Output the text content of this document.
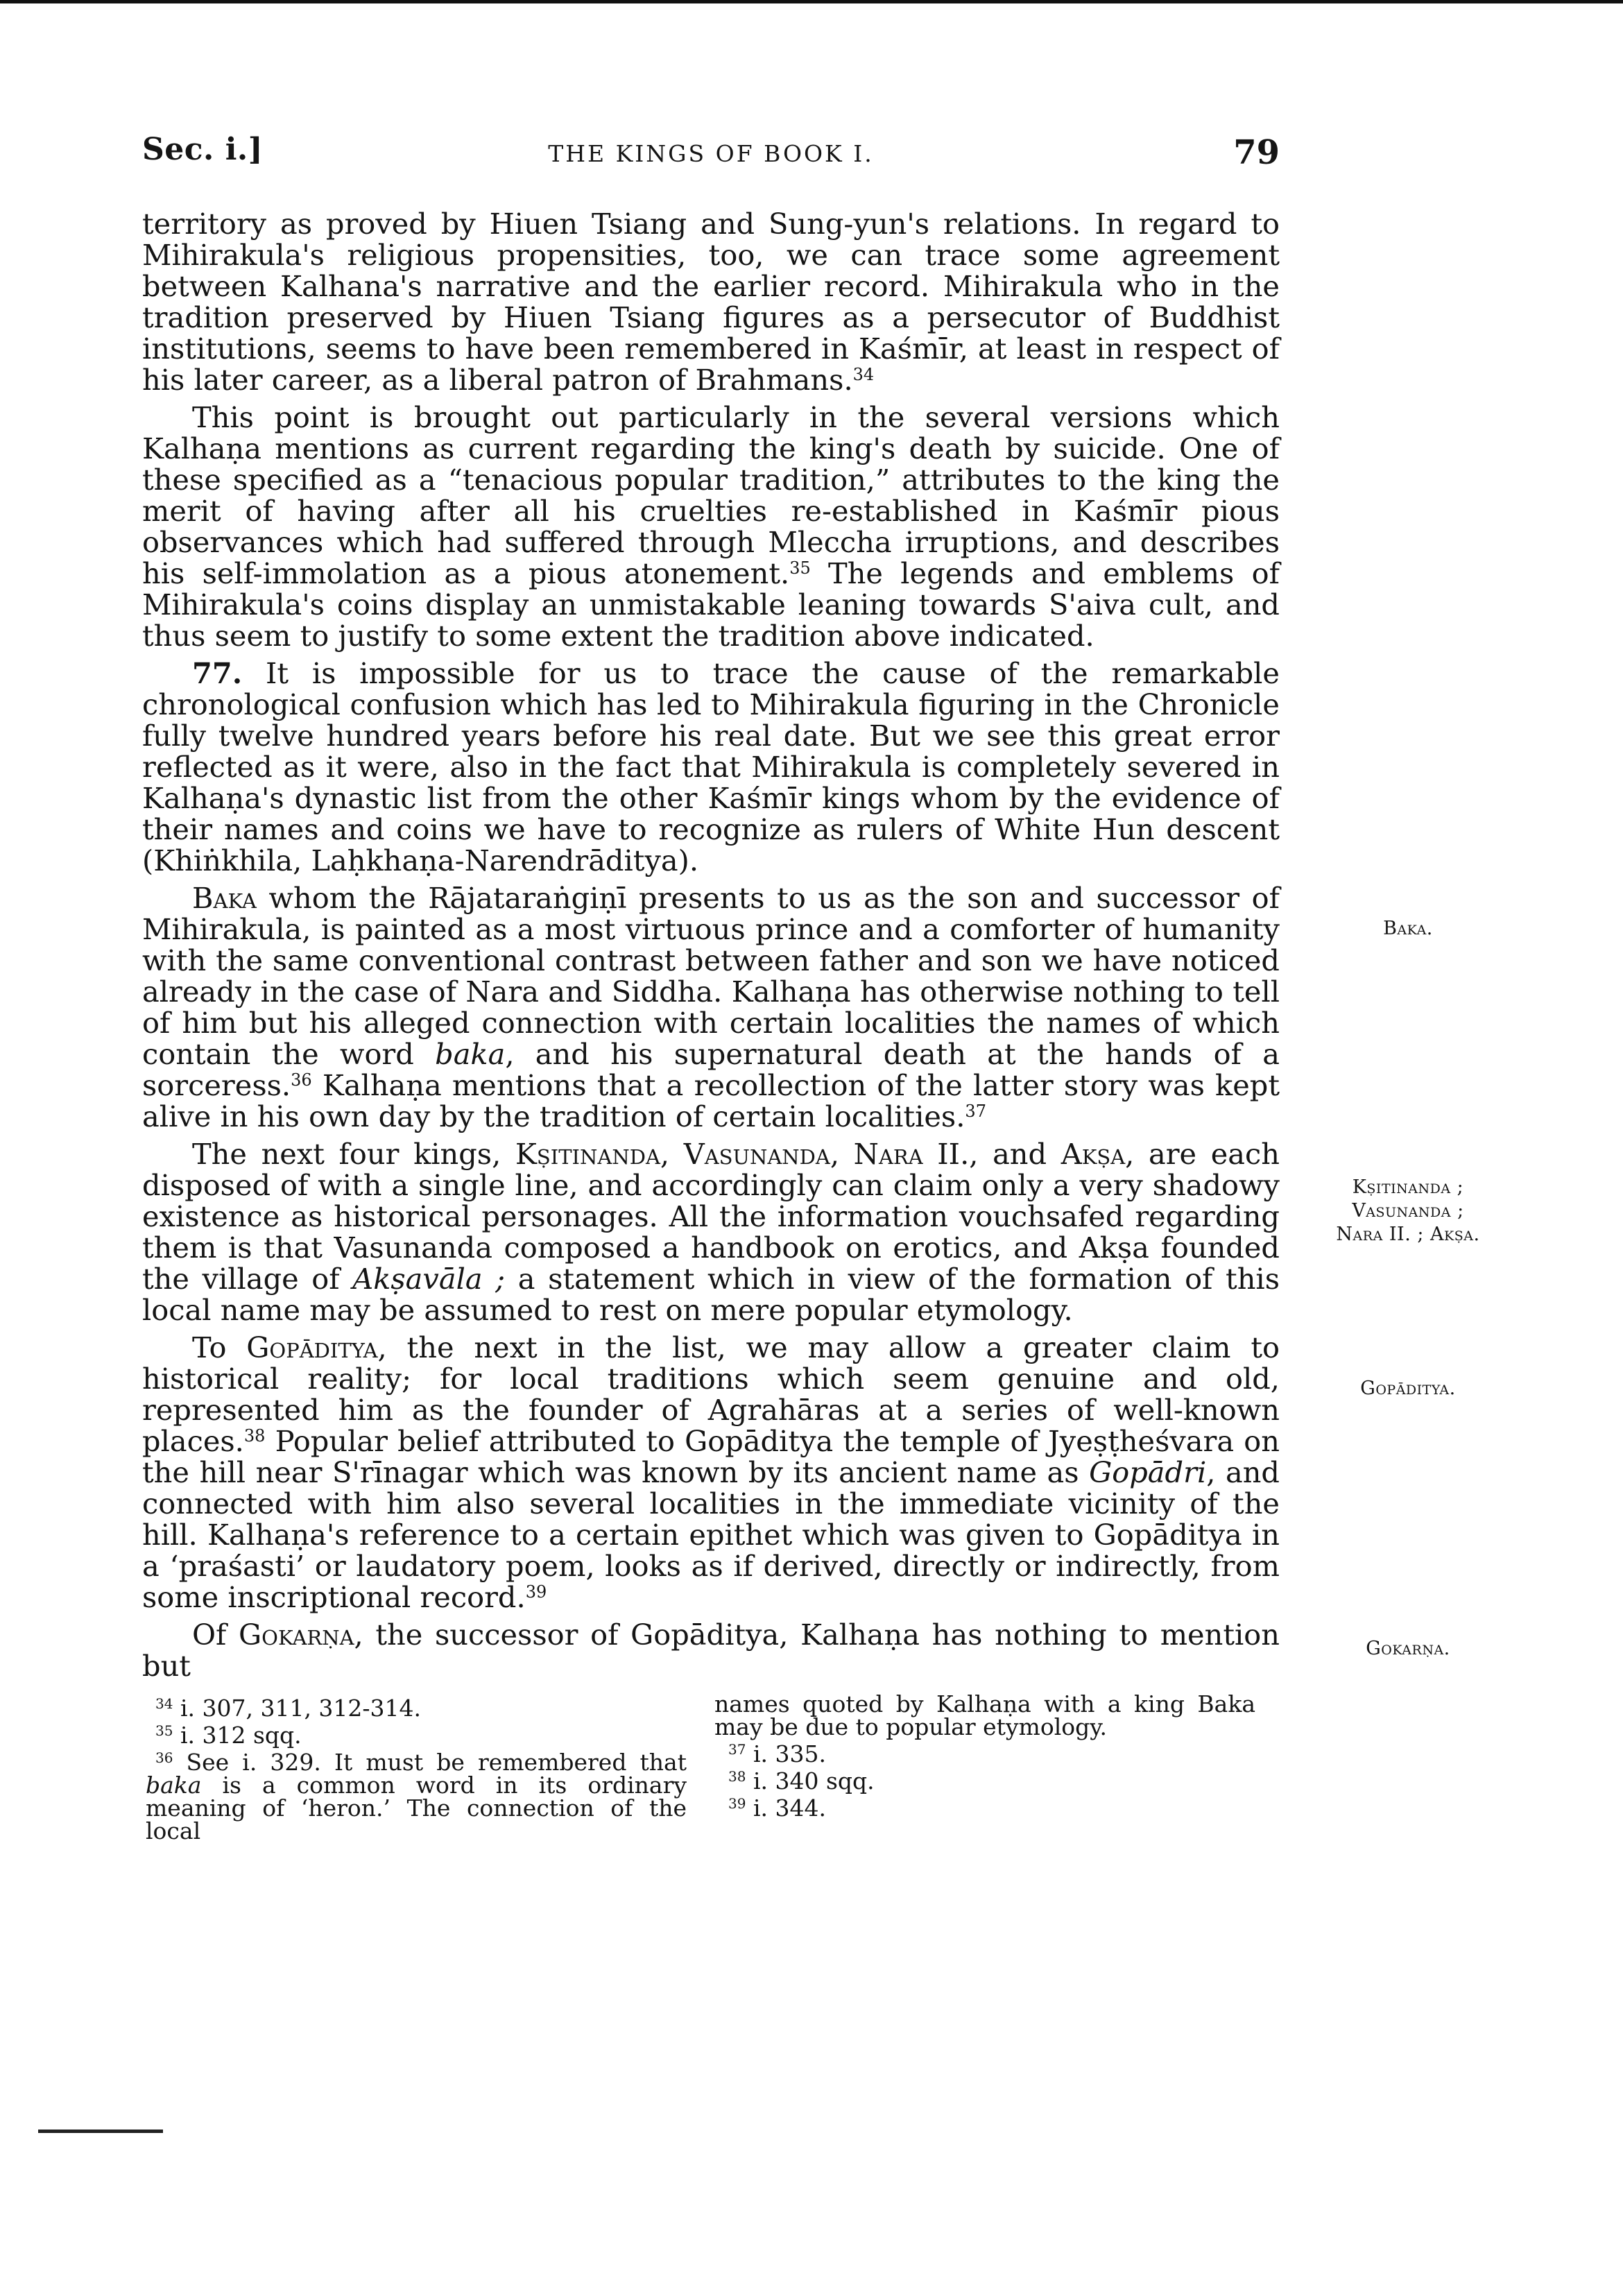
Sec. i.]	THE KINGS OF BOOK I.	79

territory as proved by Hiuen Tsiang and Sung-yun's relations. In regard to Mihirakula's religious propensities, too, we can trace some agreement between Kalhana's narrative and the earlier record. Mihirakula who in the tradition preserved by Hiuen Tsiang figures as a persecutor of Buddhist institutions, seems to have been remembered in Kaśmīr, at least in respect of his later career, as a liberal patron of Brahmans.$^{34}$

This point is brought out particularly in the several versions which Kalhaṇa mentions as current regarding the king's death by suicide. One of these specified as a “tenacious popular tradition,” attributes to the king the merit of having after all his cruelties re-established in Kaśmīr pious observances which had suffered through Mleccha irruptions, and describes his self-immolation as a pious atonement.$^{35}$ The legends and emblems of Mihirakula's coins display an unmistakable leaning towards S'aiva cult, and thus seem to justify to some extent the tradition above indicated.

77. It is impossible for us to trace the cause of the remarkable chronological confusion which has led to Mihirakula figuring in the Chronicle fully twelve hundred years before his real date. But we see this great error reflected as it were, also in the fact that Mihirakula is completely severed in Kalhaṇa's dynastic list from the other Kaśmīr kings whom by the evidence of their names and coins we have to recognize as rulers of White Hun descent (Khiṅkhila, Laḥkhaṇa-Narendrāditya).

Baka whom the Rājataraṅgiṇī presents to us as the son and successor of Mihirakula, is painted as a most virtuous prince and a comforter of humanity with the same conventional contrast between father and son we have noticed already in the case of Nara and Siddha. Kalhaṇa has otherwise nothing to tell of him but his alleged connection with certain localities the names of which contain the word baka, and his supernatural death at the hands of a sorceress.$^{36}$ Kalhaṇa mentions that a recollection of the latter story was kept alive in his own day by the tradition of certain localities.$^{37}$

The next four kings, Kṣitinanda, Vasunanda, Nara II., and Akṣa, are each disposed of with a single line, and accordingly can claim only a very shadowy existence as historical personages. All the information vouchsafed regarding them is that Vasunanda composed a handbook on erotics, and Akṣa founded the village of Akṣavāla ; a statement which in view of the formation of this local name may be assumed to rest on mere popular etymology.

To Gopāditya, the next in the list, we may allow a greater claim to historical reality; for local traditions which seem genuine and old, represented him as the founder of Agrahāras at a series of well-known places.$^{38}$ Popular belief attributed to Gopāditya the temple of Jyeṣṭheśvara on the hill near S'rīnagar which was known by its ancient name as Gopādri, and connected with him also several localities in the immediate vicinity of the hill. Kalhaṇa's reference to a certain epithet which was given to Gopāditya in a ‘praśasti’ or laudatory poem, looks as if derived, directly or indirectly, from some inscriptional record.$^{39}$

Of Gokarṇa, the successor of Gopāditya, Kalhaṇa has nothing to mention but

Baka.
Kṣitinanda ;
Vasunanda ;
Nara II. ; Akṣa.
Gopāditya.
Gokarṇa.

$^{34}$ i. 307, 311, 312-314.

$^{35}$ i. 312 sqq.

$^{36}$ See i. 329. It must be remembered that baka is a common word in its ordinary meaning of ‘heron.’ The connection of the local

names quoted by Kalhaṇa with a king Baka may be due to popular etymology.

$^{37}$ i. 335.

$^{38}$ i. 340 sqq.

$^{39}$ i. 344.
